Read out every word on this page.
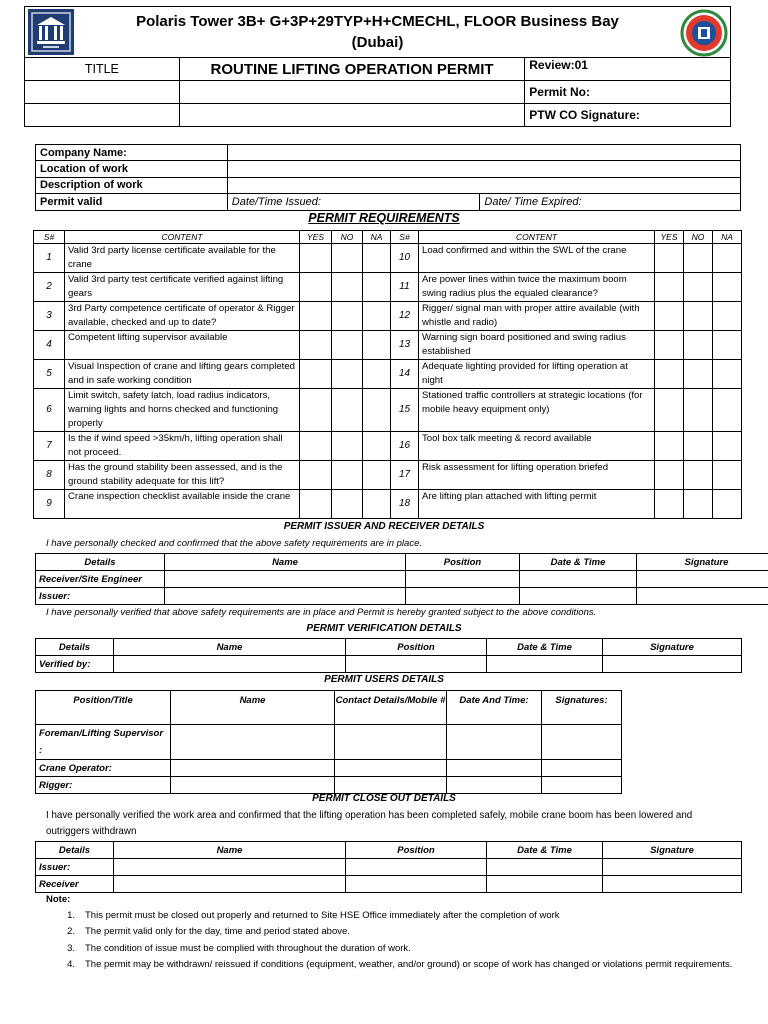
Polaris Tower 3B+ G+3P+29TYP+H+CMECHL, FLOOR Business Bay
(Dubai)		

TITLE	ROUTINE LIFTING OPERATION PERMIT	Review:01
		Permit No:
		PTW CO Signature:
Company Name:		
Location of work		
Description of work		
Permit valid	Date/Time Issued:	Date/ Time Expired:
PERMIT REQUIREMENTS
S#	CONTENT	YES	NO	NA	S#	CONTENT	YES	NO	NA
1	Valid 3rd party license certificate available for the crane				10	Load confirmed and within the SWL of the crane			
2	Valid 3rd party test certificate verified against lifting gears				11	Are power lines within twice the maximum boom swing radius plus the equaled clearance?			
3	3rd Party competence certificate of operator & Rigger available, checked and up to date?				12	Rigger/ signal man with proper attire available (with whistle and radio)			
4	Competent lifting supervisor available				13	Warning sign board positioned and swing radius established			
5	Visual Inspection of crane and lifting gears completed and in safe working condition				14	Adequate lighting provided for lifting operation at night			
6	Limit switch, safety latch, load radius indicators, warning lights and horns checked and functioning properly				15	Stationed traffic controllers at strategic locations (for mobile heavy equipment only)			
7	Is the if wind speed >35km/h, lifting operation shall not proceed.				16	Tool box talk meeting & record available			
8	Has the ground stability been assessed, and is the ground stability adequate for this lift?				17	Risk assessment for lifting operation briefed			
9	Crane inspection checklist available inside the crane				18	Are lifting plan attached with lifting permit			
PERMIT ISSUER AND RECEIVER DETAILS
I have personally checked and confirmed that the above safety requirements are in place.
Details	Name	Position	Date & Time	Signature
Receiver/Site Engineer				
Issuer:				
I have personally verified that above safety requirements are in place and Permit is hereby granted subject to the above conditions.
PERMIT VERIFICATION DETAILS
Details	Name	Position	Date & Time	Signature
Verified by:				
PERMIT USERS DETAILS
Position/Title	Name	Contact Details/Mobile #	Date And Time:	Signatures:
Foreman/Lifting Supervisor :				
Crane Operator:				
Rigger:				
PERMIT CLOSE OUT DETAILS
I have personally verified the work area and confirmed that the lifting operation has been completed safely, mobile crane boom has been lowered and outriggers withdrawn
Details	Name	Position	Date & Time	Signature
Issuer:				
Receiver				
Note:
1.	This permit must be closed out properly and returned to Site HSE Office immediately after the completion of work
2.	The permit valid only for the day, time and period stated above.
3.	The condition of issue must be complied with throughout the duration of work.
4.	The permit may be withdrawn/ reissued if conditions (equipment, weather, and/or ground) or scope of work has changed or violations permit requirements.
